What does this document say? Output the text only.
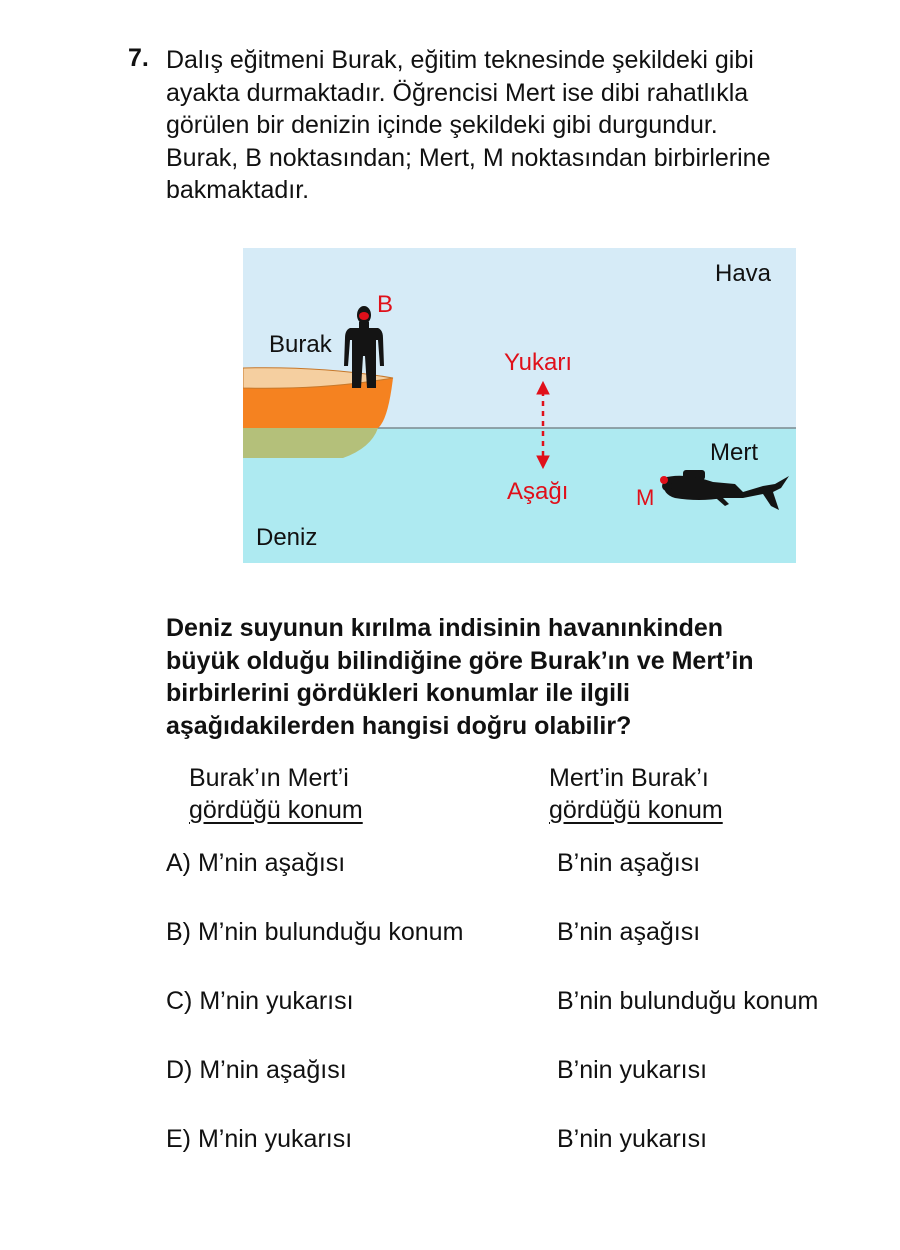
7. Dalış eğitmeni Burak, eğitim teknesinde şekildeki gibi
ayakta durmaktadır. Öğrencisi Mert ise dibi rahatlıkla
görülen bir denizin içinde şekildeki gibi durgundur.
Burak, B noktasından; Mert, M noktasından birbirlerine
bakmaktadır.
Hava
Deniz
Burak
B
Mert
M
Yukarı
Aşağı
Deniz suyunun kırılma indisinin havanınkinden
büyük olduğu bilindiğine göre Burak’ın ve Mert’in
birbirlerini gördükleri konumlar ile ilgili
aşağıdakilerden hangisi doğru olabilir?
Burak’ın Mert’i
gördüğü konum
Mert’in Burak’ı
gördüğü konum
A) M’nin aşağısı	B’nin aşağısı
B) M’nin bulunduğu konum	B’nin aşağısı
C) M’nin yukarısı	B’nin bulunduğu konum
D) M’nin aşağısı	B’nin yukarısı
E) M’nin yukarısı	B’nin yukarısı
